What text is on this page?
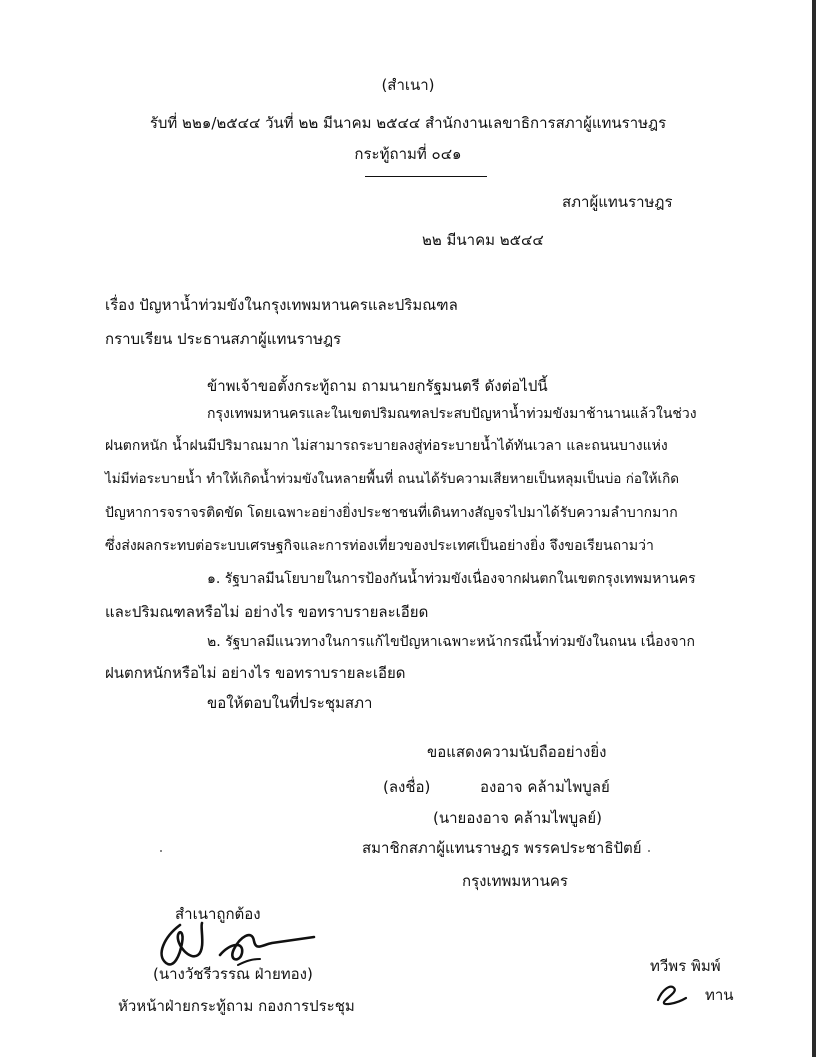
(สำเนา)
รับที่ ๒๒๑/๒๕๔๔ วันที่ ๒๒ มีนาคม ๒๕๔๔ สำนักงานเลขาธิการสภาผู้แทนราษฎร
กระทู้ถามที่ ๐๔๑
สภาผู้แทนราษฎร
๒๒ มีนาคม ๒๕๔๔
เรื่อง ปัญหาน้ำท่วมขังในกรุงเทพมหานครและปริมณฑล
กราบเรียน ประธานสภาผู้แทนราษฎร
ข้าพเจ้าขอตั้งกระทู้ถาม ถามนายกรัฐมนตรี ดังต่อไปนี้
กรุงเทพมหานครและในเขตปริมณฑลประสบปัญหาน้ำท่วมขังมาช้านานแล้วในช่วง
ฝนตกหนัก น้ำฝนมีปริมาณมาก ไม่สามารถระบายลงสู่ท่อระบายน้ำได้ทันเวลา และถนนบางแห่ง
ไม่มีท่อระบายน้ำ ทำให้เกิดน้ำท่วมขังในหลายพื้นที่ ถนนได้รับความเสียหายเป็นหลุมเป็นบ่อ ก่อให้เกิด
ปัญหาการจราจรติดขัด โดยเฉพาะอย่างยิ่งประชาชนที่เดินทางสัญจรไปมาได้รับความลำบากมาก
ซึ่งส่งผลกระทบต่อระบบเศรษฐกิจและการท่องเที่ยวของประเทศเป็นอย่างยิ่ง จึงขอเรียนถามว่า
๑. รัฐบาลมีนโยบายในการป้องกันน้ำท่วมขังเนื่องจากฝนตกในเขตกรุงเทพมหานคร
และปริมณฑลหรือไม่ อย่างไร ขอทราบรายละเอียด
๒. รัฐบาลมีแนวทางในการแก้ไขปัญหาเฉพาะหน้ากรณีน้ำท่วมขังในถนน เนื่องจาก
ฝนตกหนักหรือไม่ อย่างไร ขอทราบรายละเอียด
ขอให้ตอบในที่ประชุมสภา
ขอแสดงความนับถืออย่างยิ่ง
(ลงชื่อ)	องอาจ คล้ามไพบูลย์
(นายองอาจ คล้ามไพบูลย์)
สมาชิกสภาผู้แทนราษฎร พรรคประชาธิปัตย์
กรุงเทพมหานคร
สำเนาถูกต้อง
(นางวัชรีวรรณ ฝ่ายทอง)
หัวหน้าฝ่ายกระทู้ถาม กองการประชุม
ทวีพร พิมพ์
ทาน
